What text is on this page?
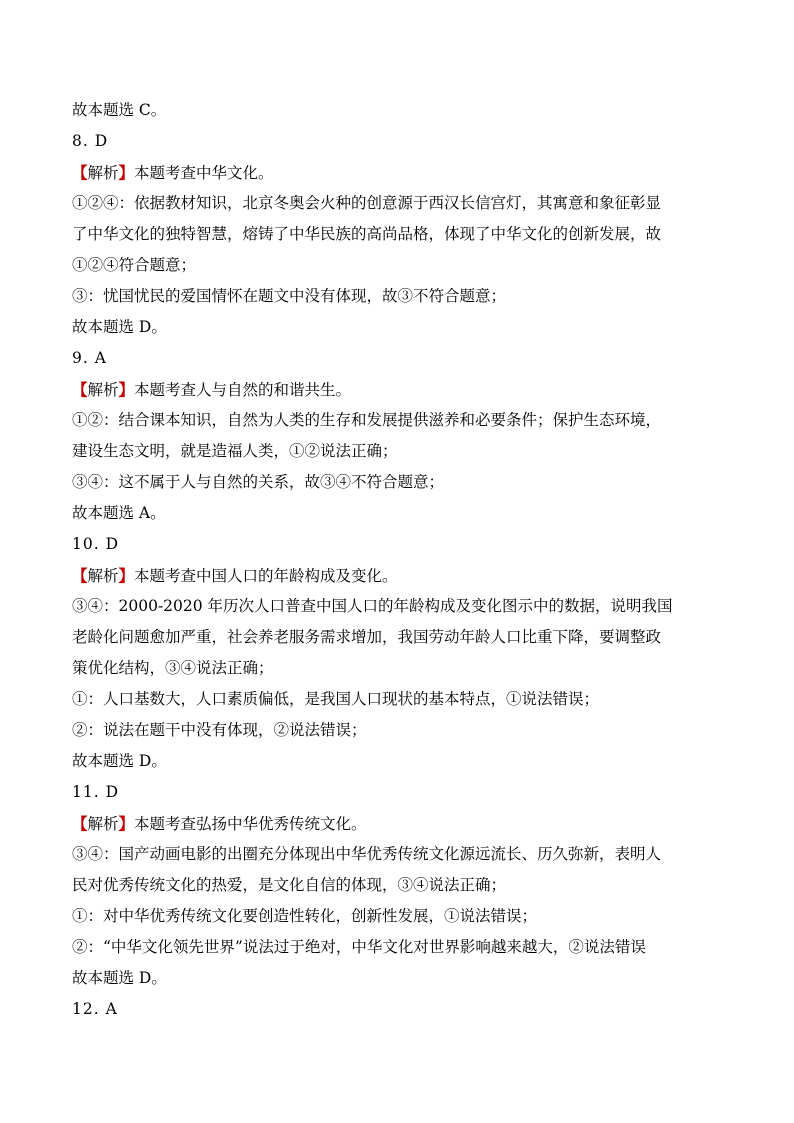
故本题选 C。
8. D
【解析】本题考查中华文化。
①②④：依据教材知识，北京冬奥会火种的创意源于西汉长信宫灯，其寓意和象征彰显
了中华文化的独特智慧，熔铸了中华民族的高尚品格，体现了中华文化的创新发展，故
①②④符合题意；
③：忧国忧民的爱国情怀在题文中没有体现，故③不符合题意；
故本题选 D。
9. A
【解析】本题考查人与自然的和谐共生。
①②：结合课本知识，自然为人类的生存和发展提供滋养和必要条件；保护生态环境，
建设生态文明，就是造福人类，①②说法正确；
③④：这不属于人与自然的关系，故③④不符合题意；
故本题选 A。
10. D
【解析】本题考查中国人口的年龄构成及变化。
③④：2000-2020 年历次人口普查中国人口的年龄构成及变化图示中的数据，说明我国
老龄化问题愈加严重，社会养老服务需求增加，我国劳动年龄人口比重下降，要调整政
策优化结构，③④说法正确；
①：人口基数大，人口素质偏低，是我国人口现状的基本特点，①说法错误；
②：说法在题干中没有体现，②说法错误；
故本题选 D。
11. D
【解析】本题考查弘扬中华优秀传统文化。
③④：国产动画电影的出圈充分体现出中华优秀传统文化源远流长、历久弥新，表明人
民对优秀传统文化的热爱，是文化自信的体现，③④说法正确；
①：对中华优秀传统文化要创造性转化，创新性发展，①说法错误；
②：“中华文化领先世界”说法过于绝对，中华文化对世界影响越来越大，②说法错误
故本题选 D。
12. A
